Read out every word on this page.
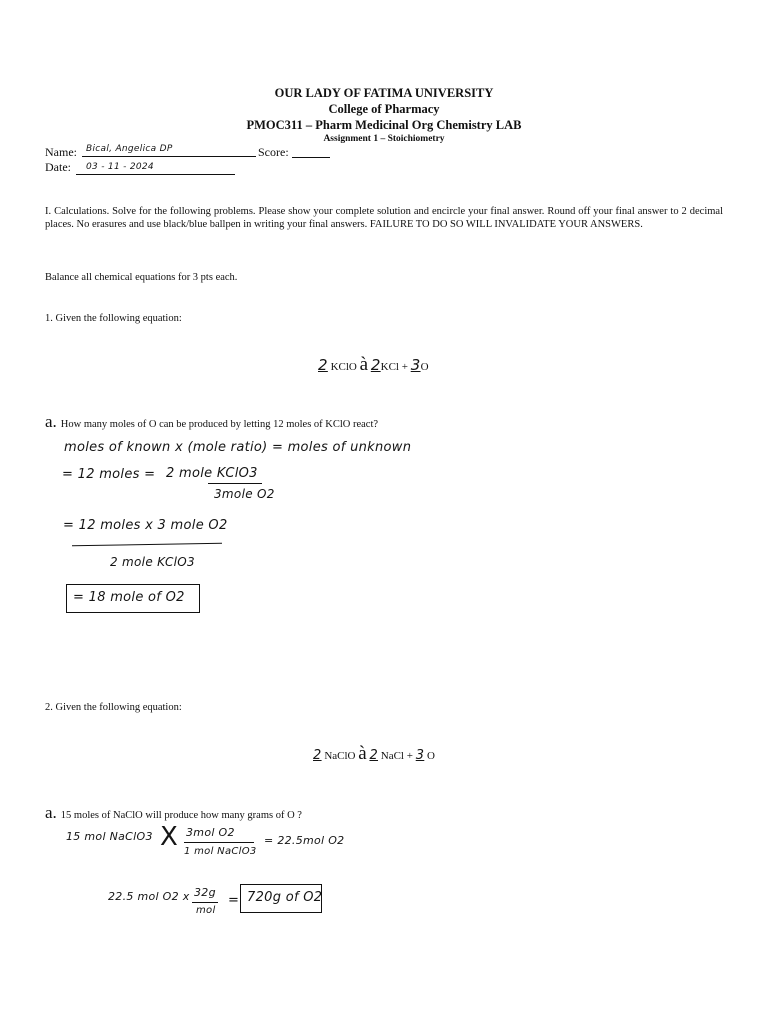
OUR LADY OF FATIMA UNIVERSITY
College of Pharmacy
PMOC311 – Pharm Medicinal Org Chemistry LAB
Assignment 1 – Stoichiometry
Name: Bical, Angelica DP	Score:
Date: 03 - 11 - 2024
I. Calculations. Solve for the following problems. Please show your complete solution and encircle your final answer. Round off your final answer to 2 decimal places. No erasures and use black/blue ballpen in writing your final answers. FAILURE TO DO SO WILL INVALIDATE YOUR ANSWERS.
Balance all chemical equations for 3 pts each.
1. Given the following equation:
2 KClO à 2KCl + 3O
a. How many moles of O can be produced by letting 12 moles of KClO react?
moles of known x (mole ratio) = moles of unknown
= 12 moles = 2 mole KClO3
3mole O2
= 12 moles x 3 mole O2
2 mole KClO3
= 18 mole of O2
2. Given the following equation:
2 NaClO à 2 NaCl + 3 O
a. 15 moles of NaClO will produce how many grams of O ?
15 mol NaClO3 X 3mol O2
1 mol NaClO3
= 22.5mol O2
22.5 mol O2 x 32g
mol
= 720g of O2
